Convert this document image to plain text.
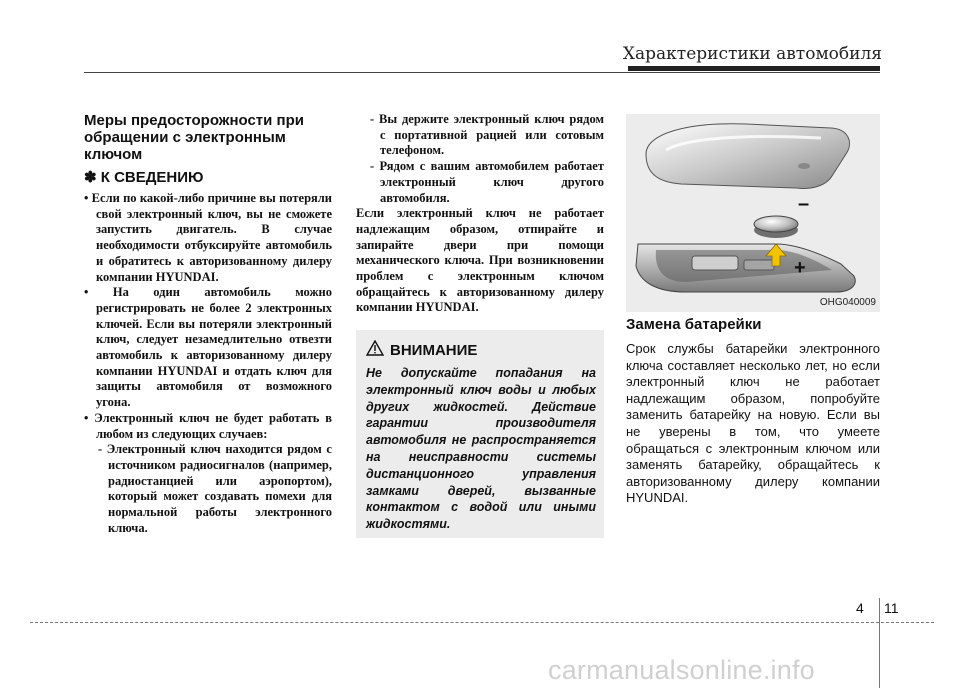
Характеристики автомобиля
Меры предосторожности при обращении с электронным ключом
✽ К СВЕДЕНИЮ
• Если по какой-либо причине вы потеряли свой электронный ключ, вы не сможете запустить двигатель. В случае необходимости отбуксируйте автомобиль и обратитесь к авторизованному дилеру компании HYUNDAI.
• На один автомобиль можно регистрировать не более 2 электронных ключей. Если вы потеряли электронный ключ, следует незамедлительно отвезти автомобиль к авторизованному дилеру компании HYUNDAI и отдать ключ для защиты автомобиля от возможного угона.
• Электронный ключ не будет работать в любом из следующих случаев:
- Электронный ключ находится рядом с источником радиосигналов (например, радиостанцией или аэропортом), который может создавать помехи для нормальной работы электронного ключа.
- Вы держите электронный ключ рядом с портативной рацией или сотовым телефоном.
- Рядом с вашим автомобилем работает электронный ключ другого автомобиля.
Если электронный ключ не работает надлежащим образом, отпирайте и запирайте двери при помощи механического ключа. При возникновении проблем с электронным ключом обращайтесь к авторизованному дилеру компании HYUNDAI.
ВНИМАНИЕ

Не допускайте попадания на электронный ключ воды и любых других жидкостей. Действие гарантии производителя автомобиля не распространяется на неисправности системы дистанционного управления замками дверей, вызванные контактом с водой или иными жидкостями.

–
+
OHG040009
Замена батарейки

Срок службы батарейки электронного ключа составляет несколько лет, но если электронный ключ не работает надлежащим образом, попробуйте заменить батарейку на новую. Если вы не уверены в том, что умеете обращаться с электронным ключом или заменять батарейку, обращайтесь к авторизованному дилеру компании HYUNDAI.

4 11
carmanualsonline.info
